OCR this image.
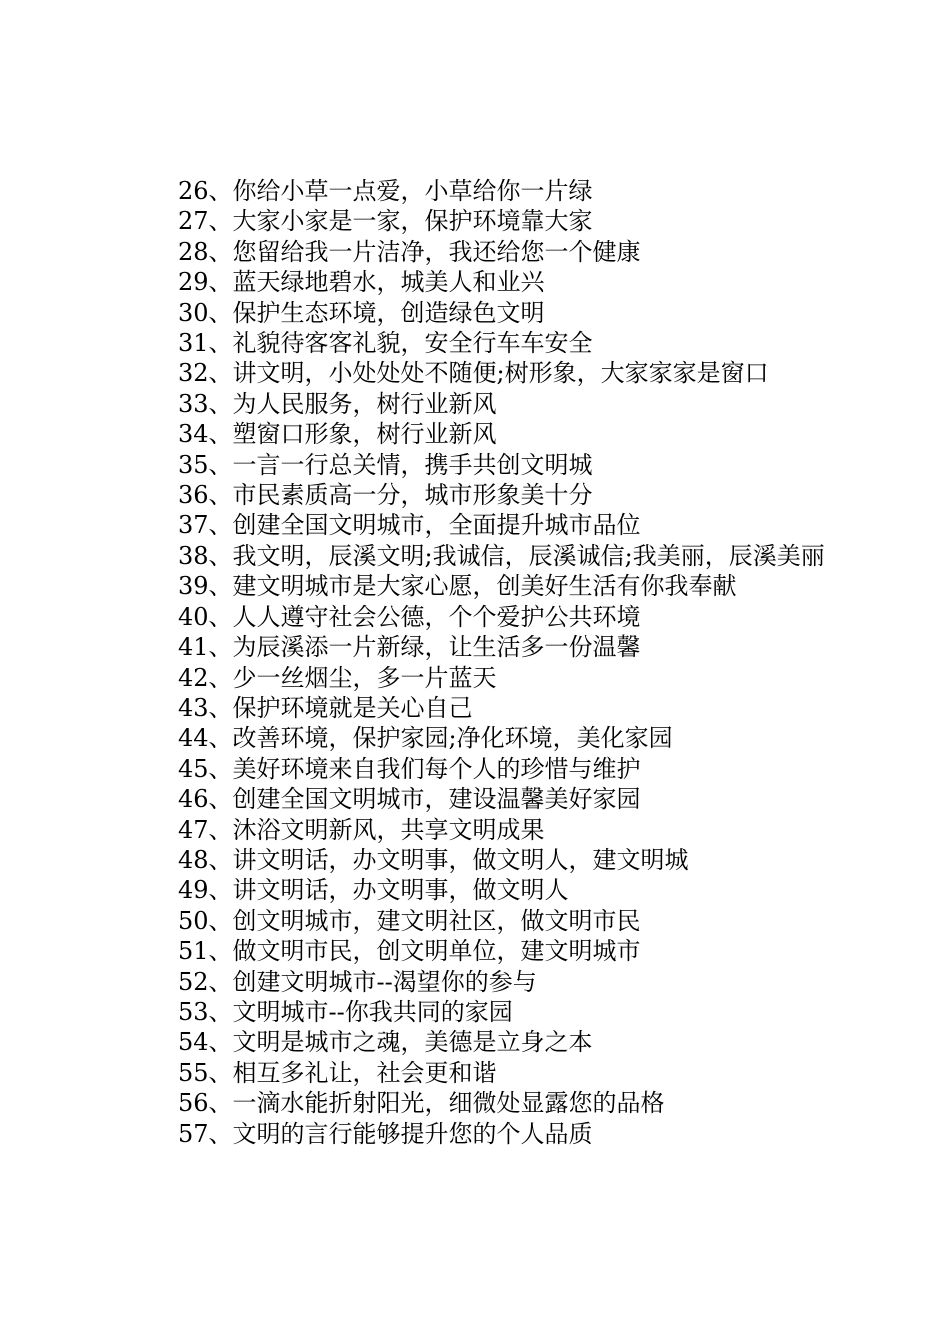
26、你给小草一点爱，小草给你一片绿

27、大家小家是一家，保护环境靠大家

28、您留给我一片洁净，我还给您一个健康

29、蓝天绿地碧水，城美人和业兴

30、保护生态环境，创造绿色文明

31、礼貌待客客礼貌，安全行车车安全

32、讲文明，小处处处不随便;树形象，大家家家是窗口

33、为人民服务，树行业新风

34、塑窗口形象，树行业新风

35、一言一行总关情，携手共创文明城

36、市民素质高一分，城市形象美十分

37、创建全国文明城市，全面提升城市品位

38、我文明，辰溪文明;我诚信，辰溪诚信;我美丽，辰溪美丽

39、建文明城市是大家心愿，创美好生活有你我奉献

40、人人遵守社会公德，个个爱护公共环境

41、为辰溪添一片新绿，让生活多一份温馨

42、少一丝烟尘，多一片蓝天

43、保护环境就是关心自己

44、改善环境，保护家园;净化环境，美化家园

45、美好环境来自我们每个人的珍惜与维护

46、创建全国文明城市，建设温馨美好家园

47、沐浴文明新风，共享文明成果

48、讲文明话，办文明事，做文明人，建文明城

49、讲文明话，办文明事，做文明人

50、创文明城市，建文明社区，做文明市民

51、做文明市民，创文明单位，建文明城市

52、创建文明城市--渴望你的参与

53、文明城市--你我共同的家园

54、文明是城市之魂，美德是立身之本

55、相互多礼让，社会更和谐

56、一滴水能折射阳光，细微处显露您的品格

57、文明的言行能够提升您的个人品质
